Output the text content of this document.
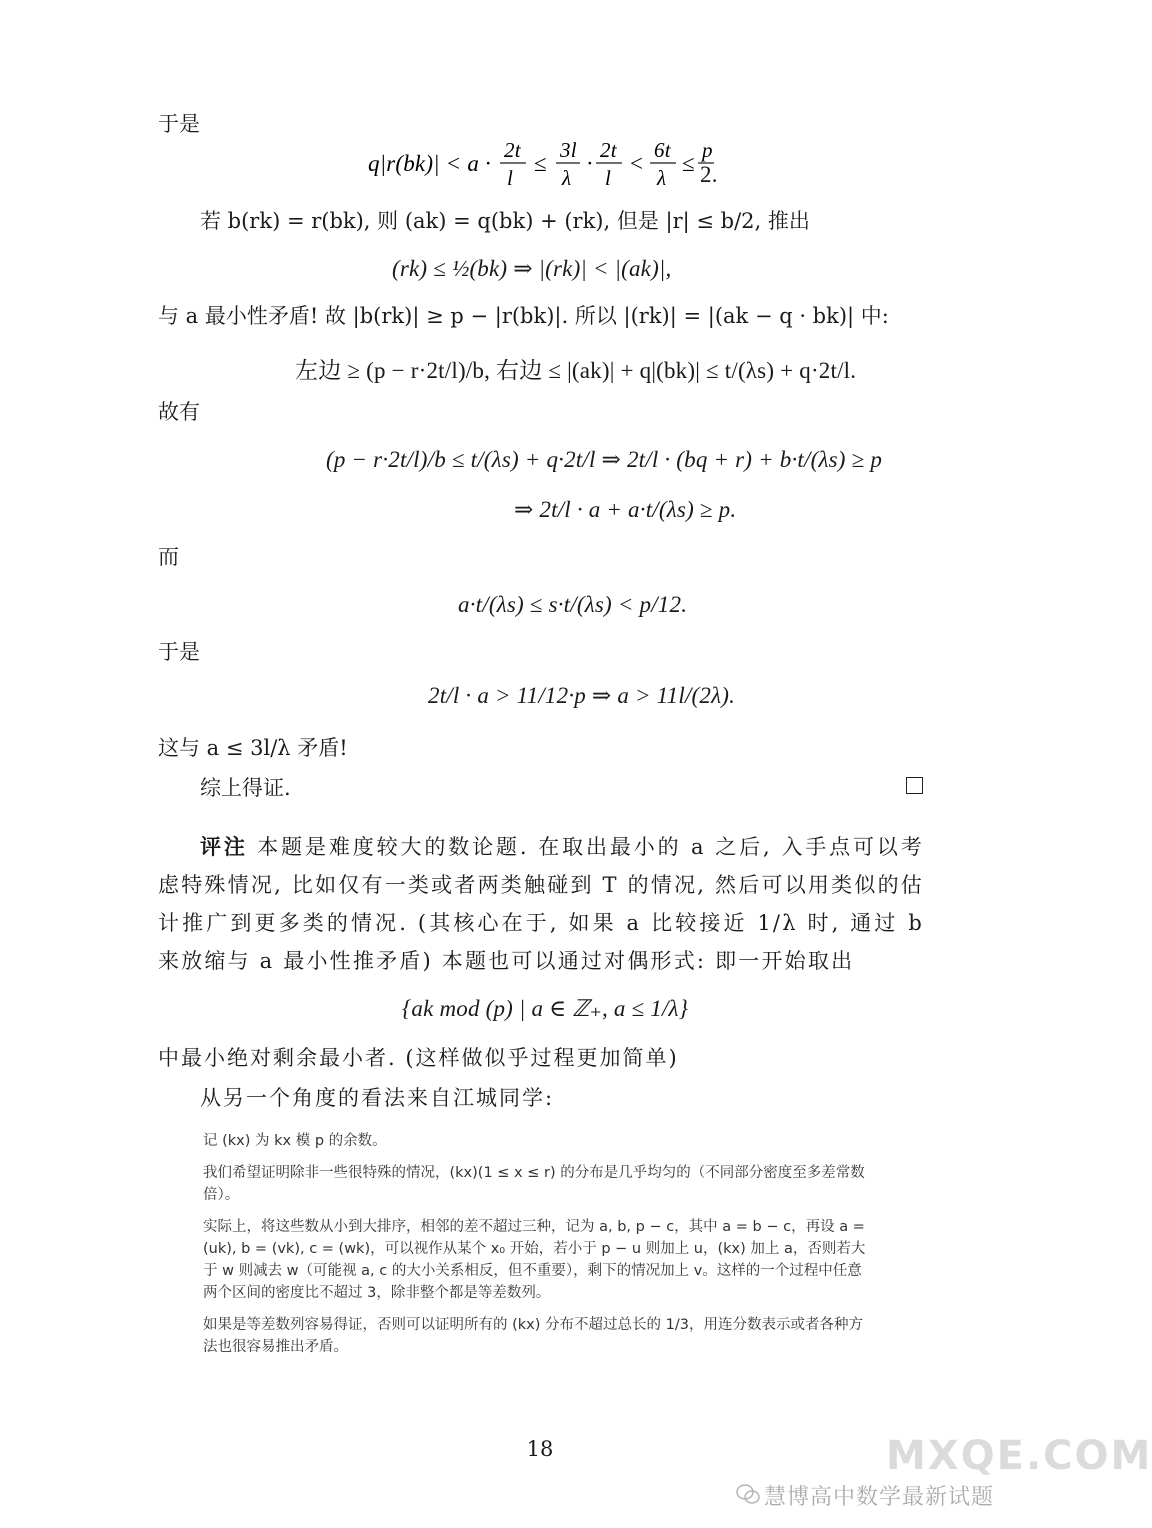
于是
q|r(bk)| < a ·
2t
l
≤
3l
λ
·
2t
l
<
6t
λ
≤
p
2.
若 b(rk) = r(bk), 则 (ak) = q(bk) + (rk), 但是 |r| ≤ b/2, 推出
(rk) ≤ ½(bk) ⇒ |(rk)| < |(ak)|,
与 a 最小性矛盾! 故 |b(rk)| ≥ p − |r(bk)|. 所以 |(rk)| = |(ak − q · bk)| 中:
左边 ≥ (p − r·2t/l)/b, 右边 ≤ |(ak)| + q|(bk)| ≤ t/(λs) + q·2t/l.
故有
(p − r·2t/l)/b ≤ t/(λs) + q·2t/l ⇒ 2t/l · (bq + r) + b·t/(λs) ≥ p
⇒ 2t/l · a + a·t/(λs) ≥ p.
而
a·t/(λs) ≤ s·t/(λs) < p/12.
于是
2t/l · a > 11/12·p ⇒ a > 11l/(2λ).
这与 a ≤ 3l/λ 矛盾!
综上得证.
评注 本题是难度较大的数论题. 在取出最小的 a 之后, 入手点可以考虑特殊情况, 比如仅有一类或者两类触碰到 T 的情况, 然后可以用类似的估计推广到更多类的情况. (其核心在于, 如果 a 比较接近 1/λ 时, 通过 b 来放缩与 a 最小性推矛盾) 本题也可以通过对偶形式: 即一开始取出
{ak mod (p) | a ∈ ℤ₊, a ≤ 1/λ}
中最小绝对剩余最小者. (这样做似乎过程更加简单)
从另一个角度的看法来自江城同学:

记 (kx) 为 kx 模 p 的余数。

我们希望证明除非一些很特殊的情况，(kx)(1 ≤ x ≤ r) 的分布是几乎均匀的（不同部分密度至多差常数倍）。

实际上，将这些数从小到大排序，相邻的差不超过三种，记为 a, b, p − c，其中 a = b − c，再设 a = (uk), b = (vk), c = (wk)，可以视作从某个 x₀ 开始，若小于 p − u 则加上 u，(kx) 加上 a，否则若大于 w 则减去 w（可能视 a, c 的大小关系相反，但不重要），剩下的情况加上 v。这样的一个过程中任意两个区间的密度比不超过 3，除非整个都是等差数列。

如果是等差数列容易得证，否则可以证明所有的 (kx) 分布不超过总长的 1/3，用连分数表示或者各种方法也很容易推出矛盾。

18	MXQE.COM
慧博高中数学最新试题
